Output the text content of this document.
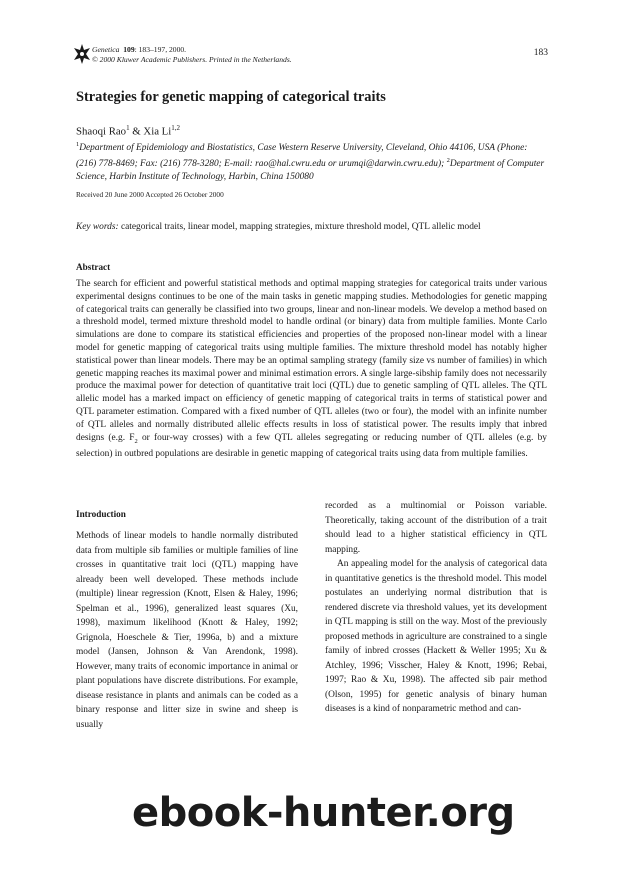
Genetica 109: 183–197, 2000.
© 2000 Kluwer Academic Publishers. Printed in the Netherlands.
183
Strategies for genetic mapping of categorical traits
Shaoqi Rao$^1$ & Xia Li$^{1,2}$
$^1$Department of Epidemiology and Biostatistics, Case Western Reserve University, Cleveland, Ohio 44106, USA (Phone: (216) 778-8469; Fax: (216) 778-3280; E-mail: rao@hal.cwru.edu or urumqi@darwin.cwru.edu); $^2$Department of Computer Science, Harbin Institute of Technology, Harbin, China 150080
Received 20 June 2000 Accepted 26 October 2000
Key words: categorical traits, linear model, mapping strategies, mixture threshold model, QTL allelic model
Abstract

The search for efficient and powerful statistical methods and optimal mapping strategies for categorical traits under various experimental designs continues to be one of the main tasks in genetic mapping studies. Methodologies for genetic mapping of categorical traits can generally be classified into two groups, linear and non-linear models. We develop a method based on a threshold model, termed mixture threshold model to handle ordinal (or binary) data from multiple families. Monte Carlo simulations are done to compare its statistical efficiencies and properties of the proposed non-linear model with a linear model for genetic mapping of categorical traits using multiple families. The mixture threshold model has notably higher statistical power than linear models. There may be an optimal sampling strategy (family size vs number of families) in which genetic mapping reaches its maximal power and minimal estimation errors. A single large-sibship family does not necessarily produce the maximal power for detection of quantitative trait loci (QTL) due to genetic sampling of QTL alleles. The QTL allelic model has a marked impact on efficiency of genetic mapping of categorical traits in terms of statistical power and QTL parameter estimation. Compared with a fixed number of QTL alleles (two or four), the model with an infinite number of QTL alleles and normally distributed allelic effects results in loss of statistical power. The results imply that inbred designs (e.g. $F_2$ or four-way crosses) with a few QTL alleles segregating or reducing number of QTL alleles (e.g. by selection) in outbred populations are desirable in genetic mapping of categorical traits using data from multiple families.

Introduction

Methods of linear models to handle normally distributed data from multiple sib families or multiple families of line crosses in quantitative trait loci (QTL) mapping have already been well developed. These methods include (multiple) linear regression (Knott, Elsen & Haley, 1996; Spelman et al., 1996), generalized least squares (Xu, 1998), maximum likelihood (Knott & Haley, 1992; Grignola, Hoeschele & Tier, 1996a, b) and a mixture model (Jansen, Johnson & Van Arendonk, 1998). However, many traits of economic importance in animal or plant populations have discrete distributions. For example, disease resistance in plants and animals can be coded as a binary response and litter size in swine and sheep is usually

recorded as a multinomial or Poisson variable. Theoretically, taking account of the distribution of a trait should lead to a higher statistical efficiency in QTL mapping.

An appealing model for the analysis of categorical data in quantitative genetics is the threshold model. This model postulates an underlying normal distribution that is rendered discrete via threshold values, yet its development in QTL mapping is still on the way. Most of the previously proposed methods in agriculture are constrained to a single family of inbred crosses (Hackett & Weller 1995; Xu & Atchley, 1996; Visscher, Haley & Knott, 1996; Rebai, 1997; Rao & Xu, 1998). The affected sib pair method (Olson, 1995) for genetic analysis of binary human diseases is a kind of nonparametric method and can-

ebook-hunter.org
